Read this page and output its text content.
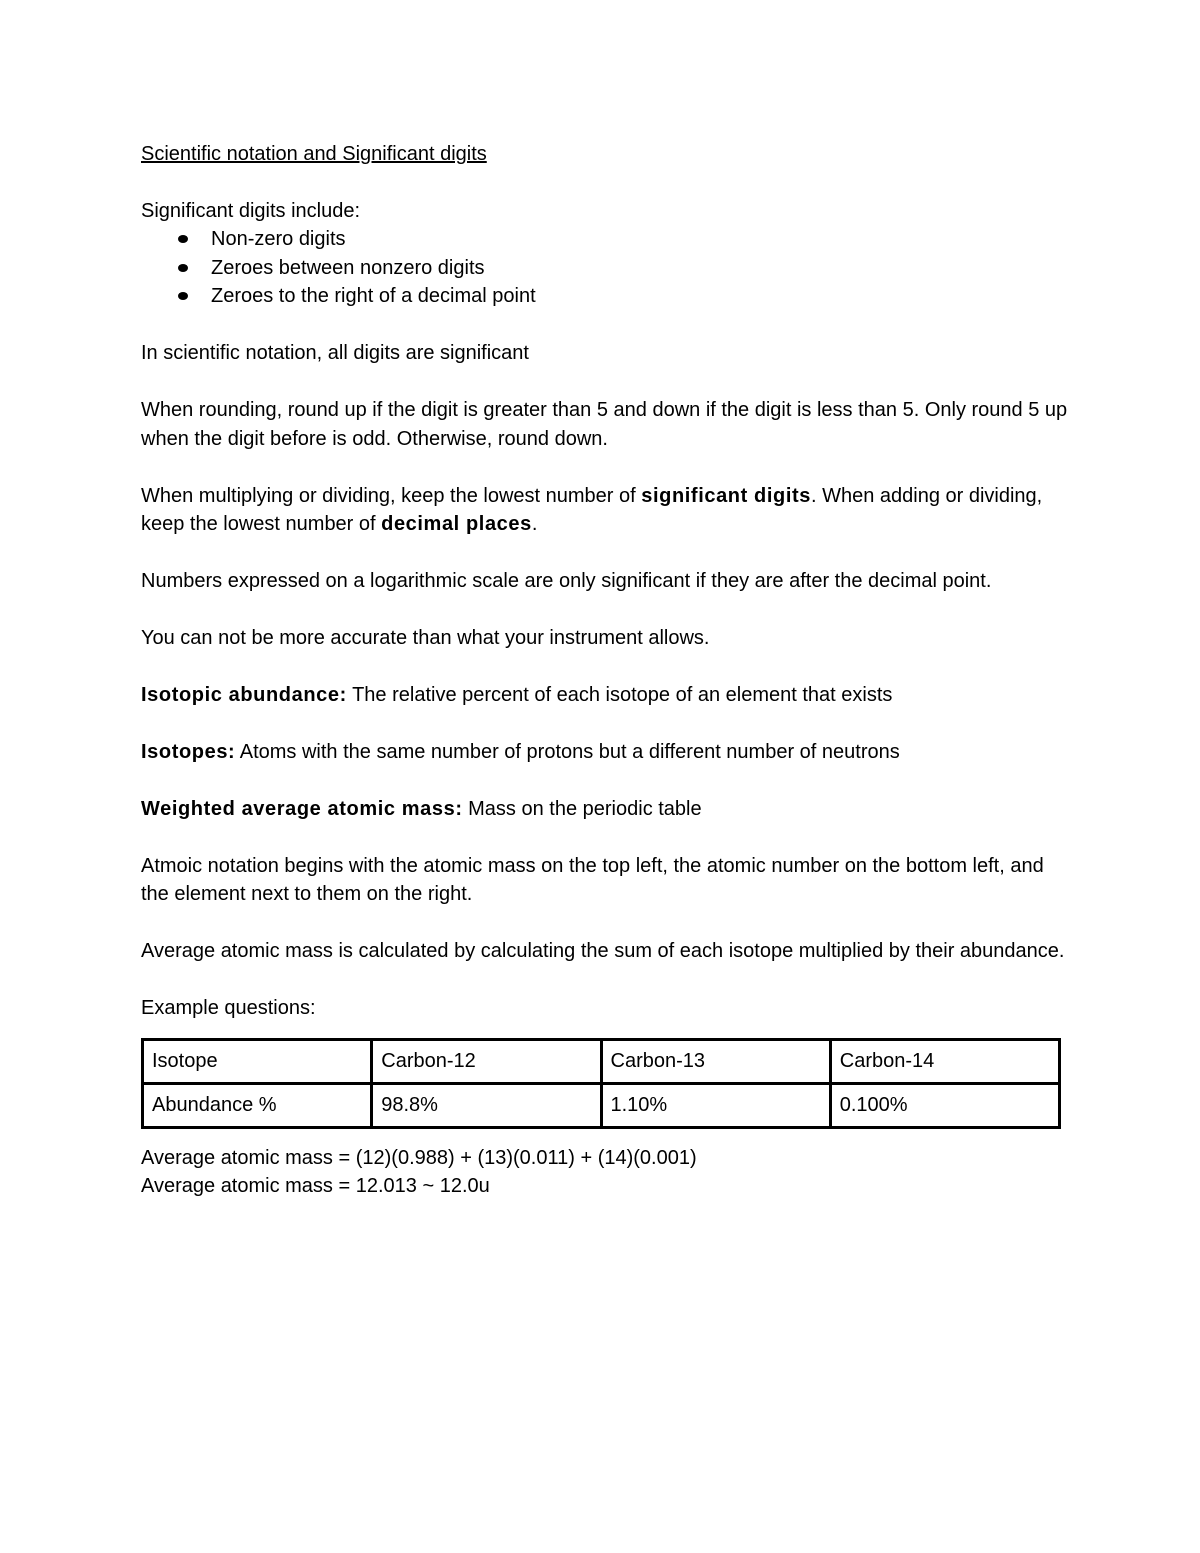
Scientific notation and Significant digits

Significant digits include:

Non-zero digits
Zeroes between nonzero digits
Zeroes to the right of a decimal point

In scientific notation, all digits are significant

When rounding, round up if the digit is greater than 5 and down if the digit is less than 5. Only round 5 up when the digit before is odd. Otherwise, round down.

When multiplying or dividing, keep the lowest number of significant digits. When adding or dividing, keep the lowest number of decimal places.

Numbers expressed on a logarithmic scale are only significant if they are after the decimal point.

You can not be more accurate than what your instrument allows.

Isotopic abundance: The relative percent of each isotope of an element that exists

Isotopes: Atoms with the same number of protons but a different number of neutrons

Weighted average atomic mass: Mass on the periodic table

Atmoic notation begins with the atomic mass on the top left, the atomic number on the bottom left, and the element next to them on the right.

Average atomic mass is calculated by calculating the sum of each isotope multiplied by their abundance.

Example questions:

Isotope	Carbon-12	Carbon-13	Carbon-14
Abundance %	98.8%	1.10%	0.100%

Average atomic mass = (12)(0.988) + (13)(0.011) + (14)(0.001)

Average atomic mass = 12.013 ~ 12.0u
